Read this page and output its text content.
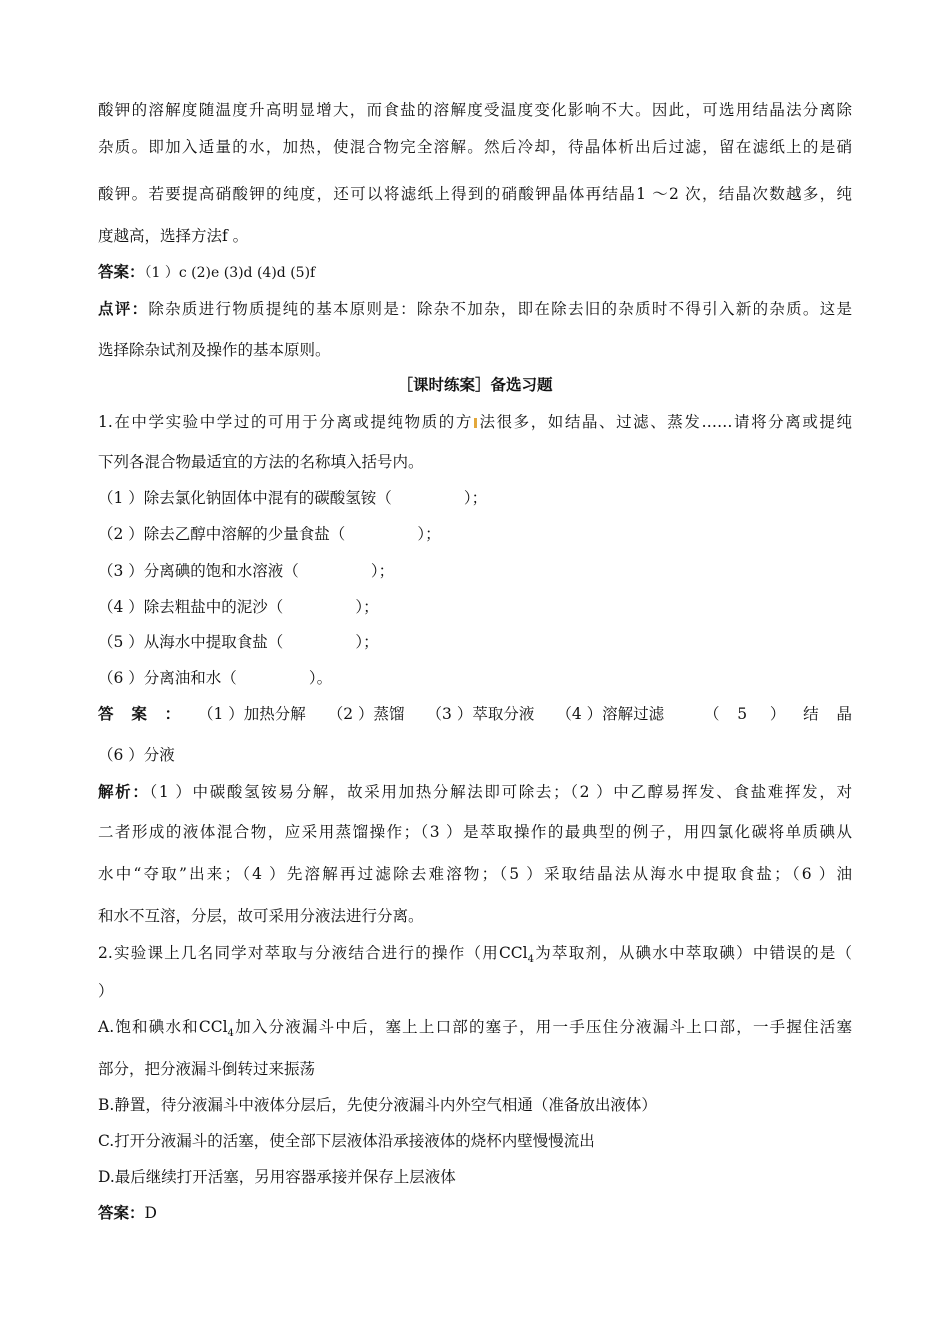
酸钾的溶解度随温度升高明显增大，而食盐的溶解度受温度变化影响不大。因此，可选用结晶法分离除
杂质。即加入适量的水，加热，使混合物完全溶解。然后冷却，待晶体析出后过滤，留在滤纸上的是硝
酸钾。若要提高硝酸钾的纯度，还可以将滤纸上得到的硝酸钾晶体再结晶1 ～2 次，结晶次数越多，纯
度越高，选择方法f 。
答案：（1 ）c (2)e (3)d (4)d (5)f
点评：除杂质进行物质提纯的基本原则是：除杂不加杂，即在除去旧的杂质时不得引入新的杂质。这是
选择除杂试剂及操作的基本原则。
［课时练案］备选习题
1.在中学实验中学过的可用于分离或提纯物质的方 法很多，如结晶、过滤、蒸发……请将分离或提纯
下列各混合物最适宜的方法的名称填入括号内。
（1 ）除去氯化钠固体中混有的碳酸氢铵（	）；
（2 ）除去乙醇中溶解的少量食盐（	）；
（3 ）分离碘的饱和水溶液（	）；
（4 ）除去粗盐中的泥沙（	）；
（5 ）从海水中提取食盐（	）；
（6 ）分离油和水（	）。
答案：（1 ）加热分解 （2 ）蒸馏 （3 ）萃取分液 （4 ）溶解过滤 （5 ）结晶
（6 ）分液
解析：（1 ）中碳酸氢铵易分解，故采用加热分解法即可除去；（2 ）中乙醇易挥发、食盐难挥发，对
二者形成的液体混合物，应采用蒸馏操作；（3 ）是萃取操作的最典型的例子，用四氯化碳将单质碘从
水中“夺取”出来；（4 ）先溶解再过滤除去难溶物；（5 ）采取结晶法从海水中提取食盐；（6 ）油
和水不互溶，分层，故可采用分液法进行分离。
2.实验课上几名同学对萃取与分液结合进行的操作（用CCl$_4$为萃取剂，从碘水中萃取碘）中错误的是（
）
A.饱和碘水和CCl$_4$加入分液漏斗中后，塞上上口部的塞子，用一手压住分液漏斗上口部，一手握住活塞
部分，把分液漏斗倒转过来振荡
B.静置，待分液漏斗中液体分层后，先使分液漏斗内外空气相通（准备放出液体）
C.打开分液漏斗的活塞，使全部下层液体沿承接液体的烧杯内壁慢慢流出
D.最后继续打开活塞，另用容器承接并保存上层液体
答案：D
